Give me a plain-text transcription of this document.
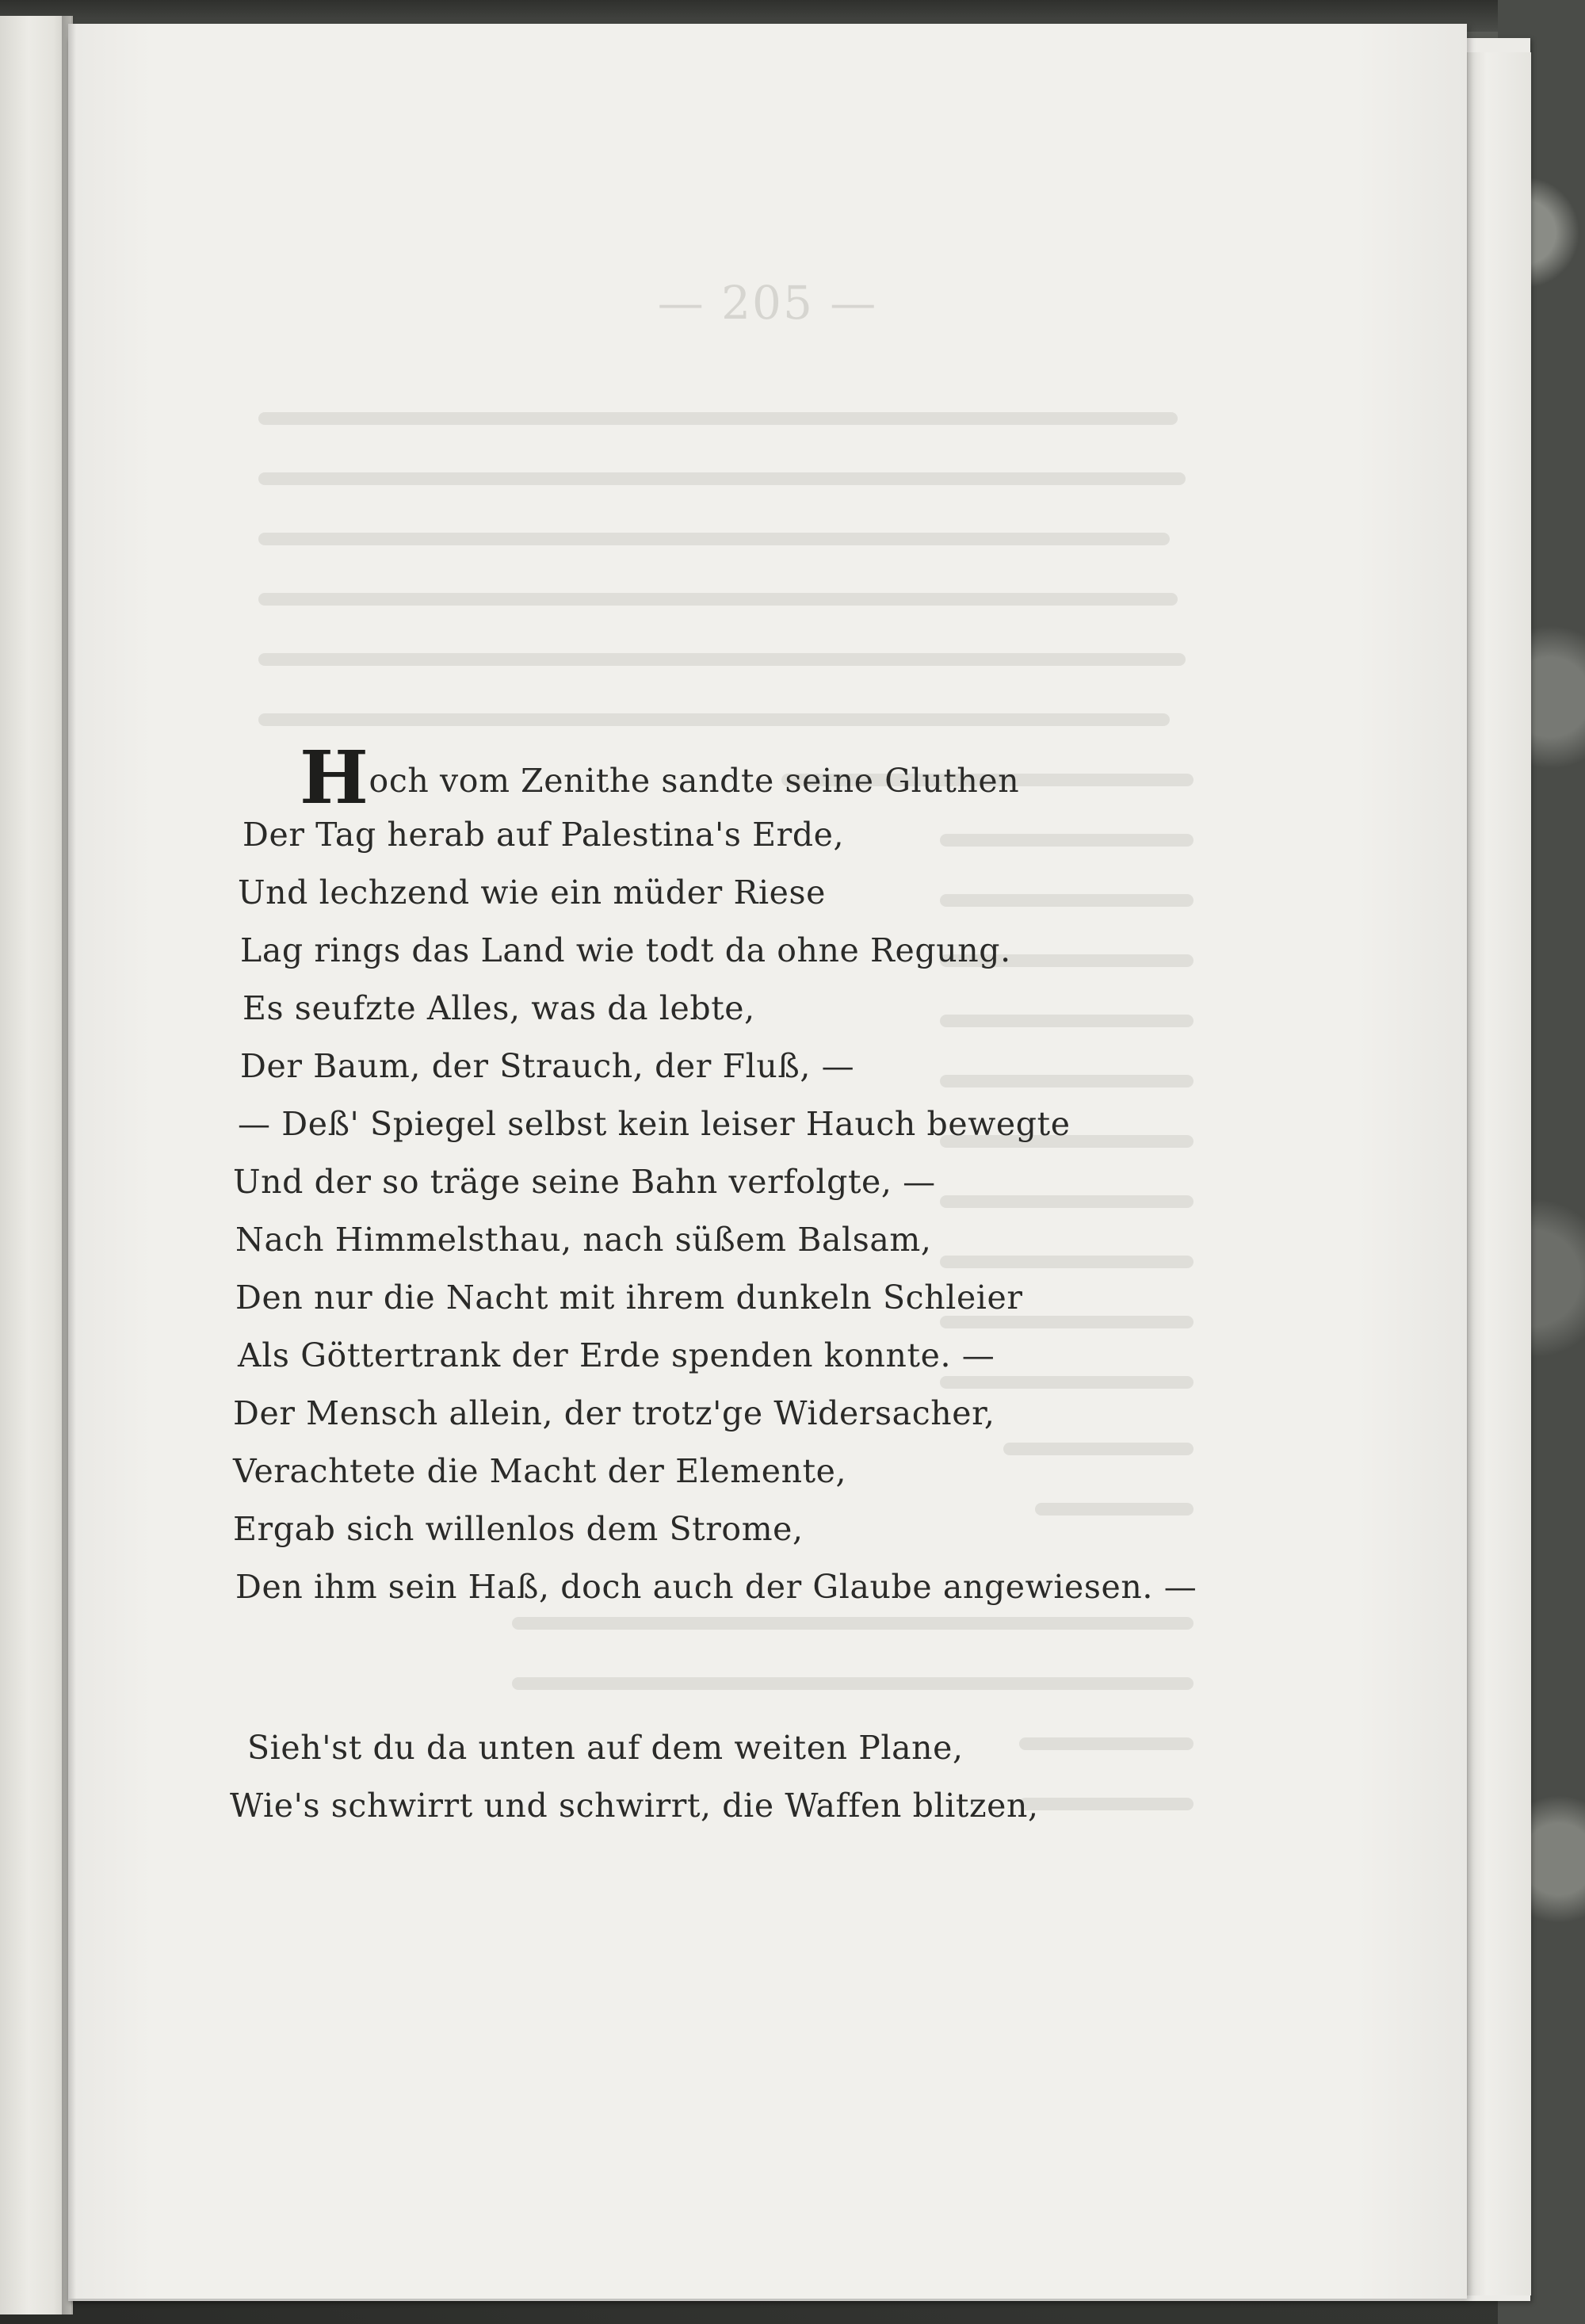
— 205 —
Hoch vom Zenithe sandte seine Gluthen
Der Tag herab auf Palestina's Erde,
Und lechzend wie ein müder Riese
Lag rings das Land wie todt da ohne Regung.
Es seufzte Alles, was da lebte,
Der Baum, der Strauch, der Fluß, —
— Deß' Spiegel selbst kein leiser Hauch bewegte
Und der so träge seine Bahn verfolgte, —
Nach Himmelsthau, nach süßem Balsam,
Den nur die Nacht mit ihrem dunkeln Schleier
Als Göttertrank der Erde spenden konnte. —
Der Mensch allein, der trotz'ge Widersacher,
Verachtete die Macht der Elemente,
Ergab sich willenlos dem Strome,
Den ihm sein Haß, doch auch der Glaube angewiesen. —
Sieh'st du da unten auf dem weiten Plane,
Wie's schwirrt und schwirrt, die Waffen blitzen,
